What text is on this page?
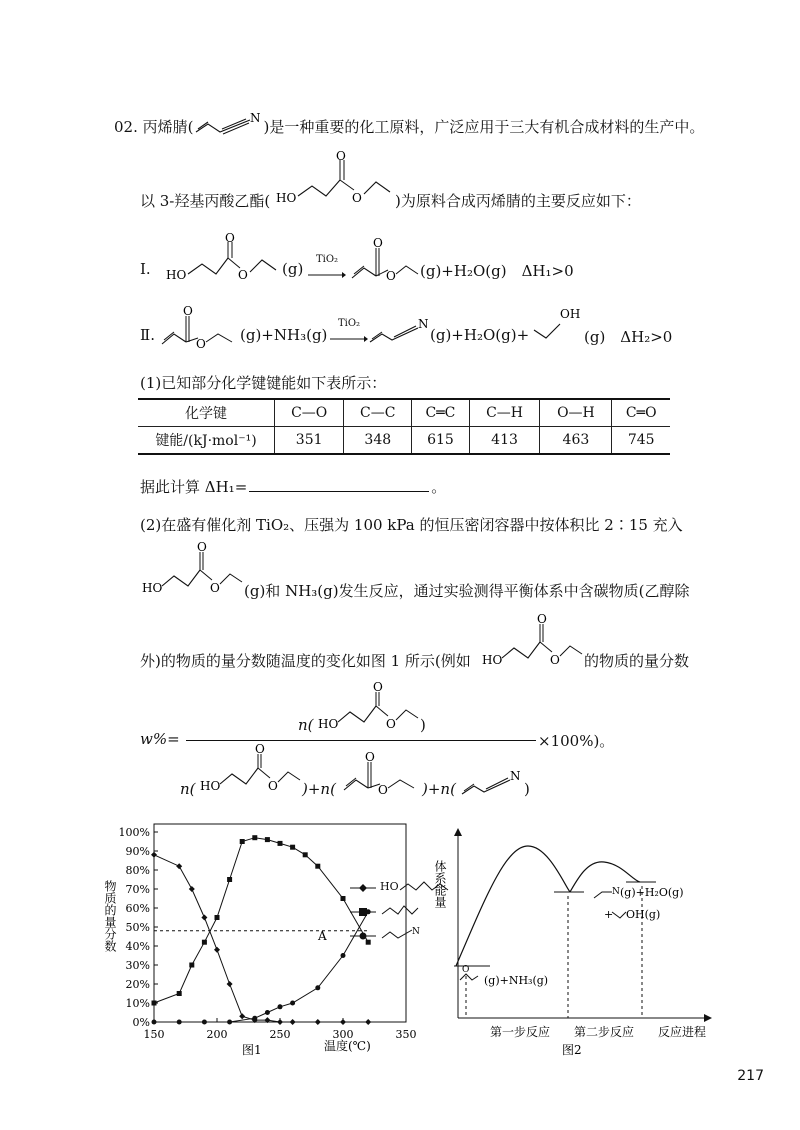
02. 丙烯腈(	N )是一种重要的化工原料，广泛应用于三大有机合成材料的生产中。
以 3-羟基丙酸乙酯( HO
O
O )为原料合成丙烯腈的主要反应如下：
Ⅰ. HO
O
O (g)
TiO₂
O
O (g)+H₂O(g)　ΔH₁>0
Ⅱ.
O
O (g)+NH₃(g)
TiO₂	N
(g)+H₂O(g)+
OH
(g)　ΔH₂>0
(1)已知部分化学键键能如下表所示：
化学键	C—O	C—C	C═C	C—H	O—H	C═O
键能/(kJ·mol⁻¹)	351	348	615	413	463	745
据此计算 ΔH₁=	。
(2)在盛有催化剂 TiO₂、压强为 100 kPa 的恒压密闭容器中按体积比 2∶15 充入
HO
O
O (g)和 NH₃(g)发生反应，通过实验测得平衡体系中含碳物质(乙醇除
外)的物质的量分数随温度的变化如图 1 所示(例如 HO
O
O 的物质的量分数
w%=	×100%)。
n( HO
O
O )
n( HO
O
O )+n(
O
O )+n(
N
)
0%
10%
20%
30%
40%
50%
60%
70%
80%
90%
100%
150	200	250	300	350
物质的量分数
温度(℃)
图1
A
HO
N
体系能量
O
(g)+NH₃(g)
N (g)+H₂O(g)
+ OH(g)
第一步反应 第二步反应 反应进程
图2
217
